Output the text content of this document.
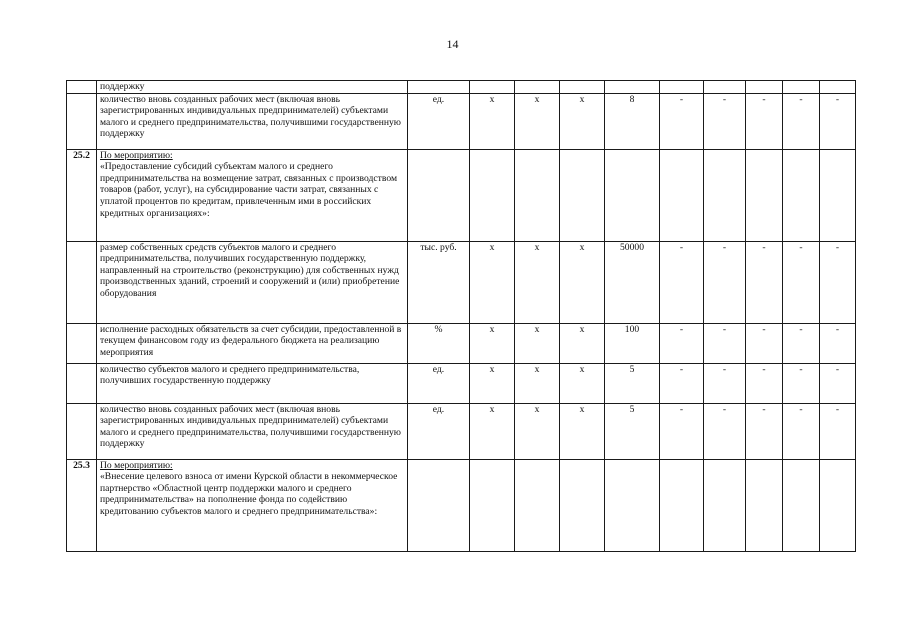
14
	поддержку										
	количество вновь созданных рабочих мест (включая вновь зарегистрированных индивидуальных предпринимателей) субъектами малого и среднего предпринимательства, получившими государственную поддержку	ед.	х	х	х	8	-	-	-	-	-
25.2	По мероприятию:
«Предоставление субсидий субъектам малого и среднего предпринимательства на возмещение затрат, связанных с производством товаров (работ, услуг), на субсидирование части затрат, связанных с уплатой процентов по кредитам, привлеченным ими в российских кредитных организациях»:										

	размер собственных средств субъектов малого и среднего предпринимательства, получивших государственную поддержку, направленный на строительство (реконструкцию) для собственных нужд производственных зданий, строений и сооружений и (или) приобретение оборудования	тыс. руб.	х	х	х	50000	-	-	-	-	-
	исполнение расходных обязательств за счет субсидии, предоставленной в текущем финансовом году из федерального бюджета на реализацию мероприятия	%	х	х	х	100	-	-	-	-	-
	количество субъектов малого и среднего предпринимательства, получивших государственную поддержку	ед.	х	х	х	5	-	-	-	-	-
	количество вновь созданных рабочих мест (включая вновь зарегистрированных индивидуальных предпринимателей) субъектами малого и среднего предпринимательства, получившими государственную поддержку	ед.	х	х	х	5	-	-	-	-	-
25.3	По мероприятию:
«Внесение целевого взноса от имени Курской области в некоммерческое партнерство «Областной центр поддержки малого и среднего предпринимательства» на пополнение фонда по содействию кредитованию субъектов малого и среднего предпринимательства»:										
